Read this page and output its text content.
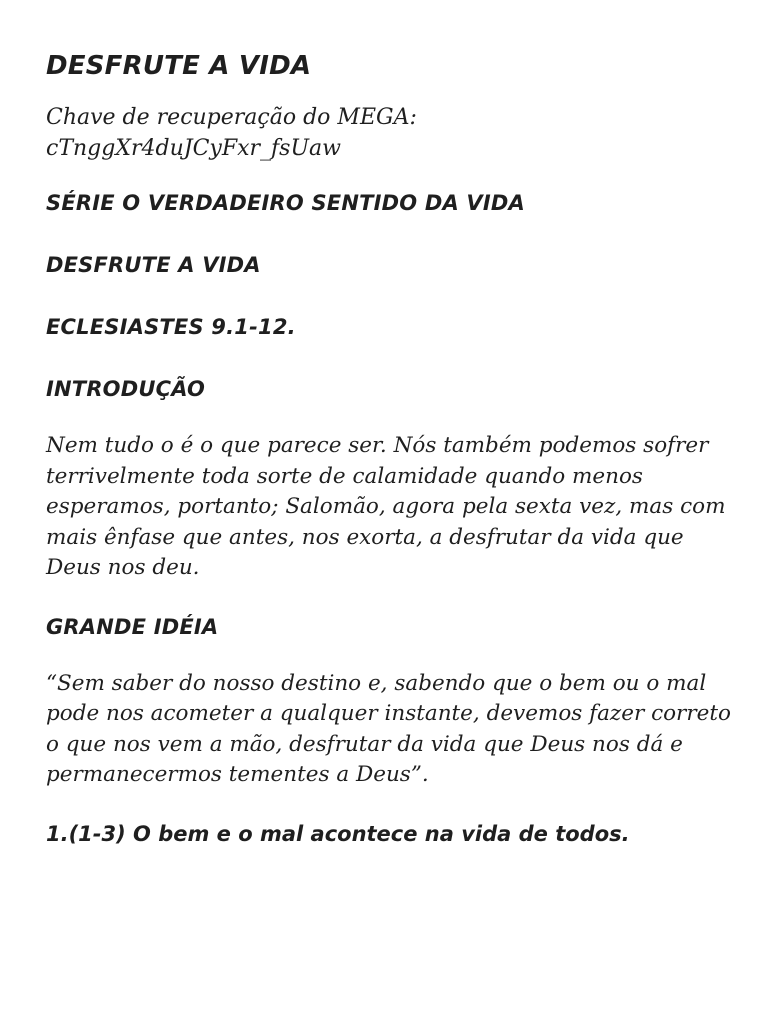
DESFRUTE A VIDA
Chave de recuperação do MEGA:
cTnggXr4duJCyFxr_fsUaw
SÉRIE O VERDADEIRO SENTIDO DA VIDA
DESFRUTE A VIDA
ECLESIASTES 9.1-12.
INTRODUÇÃO

Nem tudo o é o que parece ser. Nós também podemos sofrer terrivelmente toda sorte de calamidade quando menos esperamos, portanto; Salomão, agora pela sexta vez, mas com mais ênfase que antes, nos exorta, a desfrutar da vida que Deus nos deu.

GRANDE IDÉIA

“Sem saber do nosso destino e, sabendo que o bem ou o mal pode nos acometer a qualquer instante, devemos fazer correto o que nos vem a mão, desfrutar da vida que Deus nos dá e permanecermos tementes a Deus”.

1.(1-3) O bem e o mal acontece na vida de todos.
